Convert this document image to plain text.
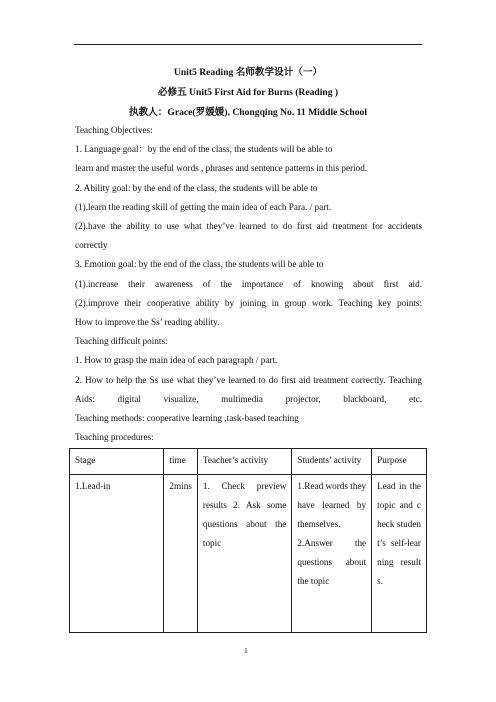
Unit5 Reading 名师教学设计（一）
必修五 Unit5 First Aid for Burns (Reading )
执教人：Grace(罗媛媛), Chongqing No. 11 Middle School

Teaching Objectives:

1. Language goal：by the end of the class, the students will be able to

learn and master the useful words , phrases and sentence patterns in this period.

2. Ability goal: by the end of the class, the students will be able to

(1).learn the reading skill of getting the main idea of each Para. / part.

(2).have the ability to use what they’ve learned to do first aid treatment for accidents

correctly

3. Emotion goal: by the end of the class, the students will be able to

(1).increase their awareness of the importance of knowing about first aid.

(2).improve their cooperative ability by joining in group work. Teaching key points:

How to improve the Ss’ reading ability.

Teaching difficult points:

1. How to grasp the main idea of each paragraph / part.

2. How to help the Ss use what they’ve learned to do first aid treatment correctly. Teaching Aids: digital visualize, multimedia projector, blackboard, etc.

Teaching methods: cooperative learning ,task-based teaching

Teaching procedures:

Stage	time	Teacher’s activity	Students’ activity	Purpose
1.Lead-in	2mins	1. Check preview results 2. Ask some questions about the topic	1.Read words they have learned by themselves. 2.Answer the questions about the topic	Lead in the topic and check student’s self-learning results.
1
